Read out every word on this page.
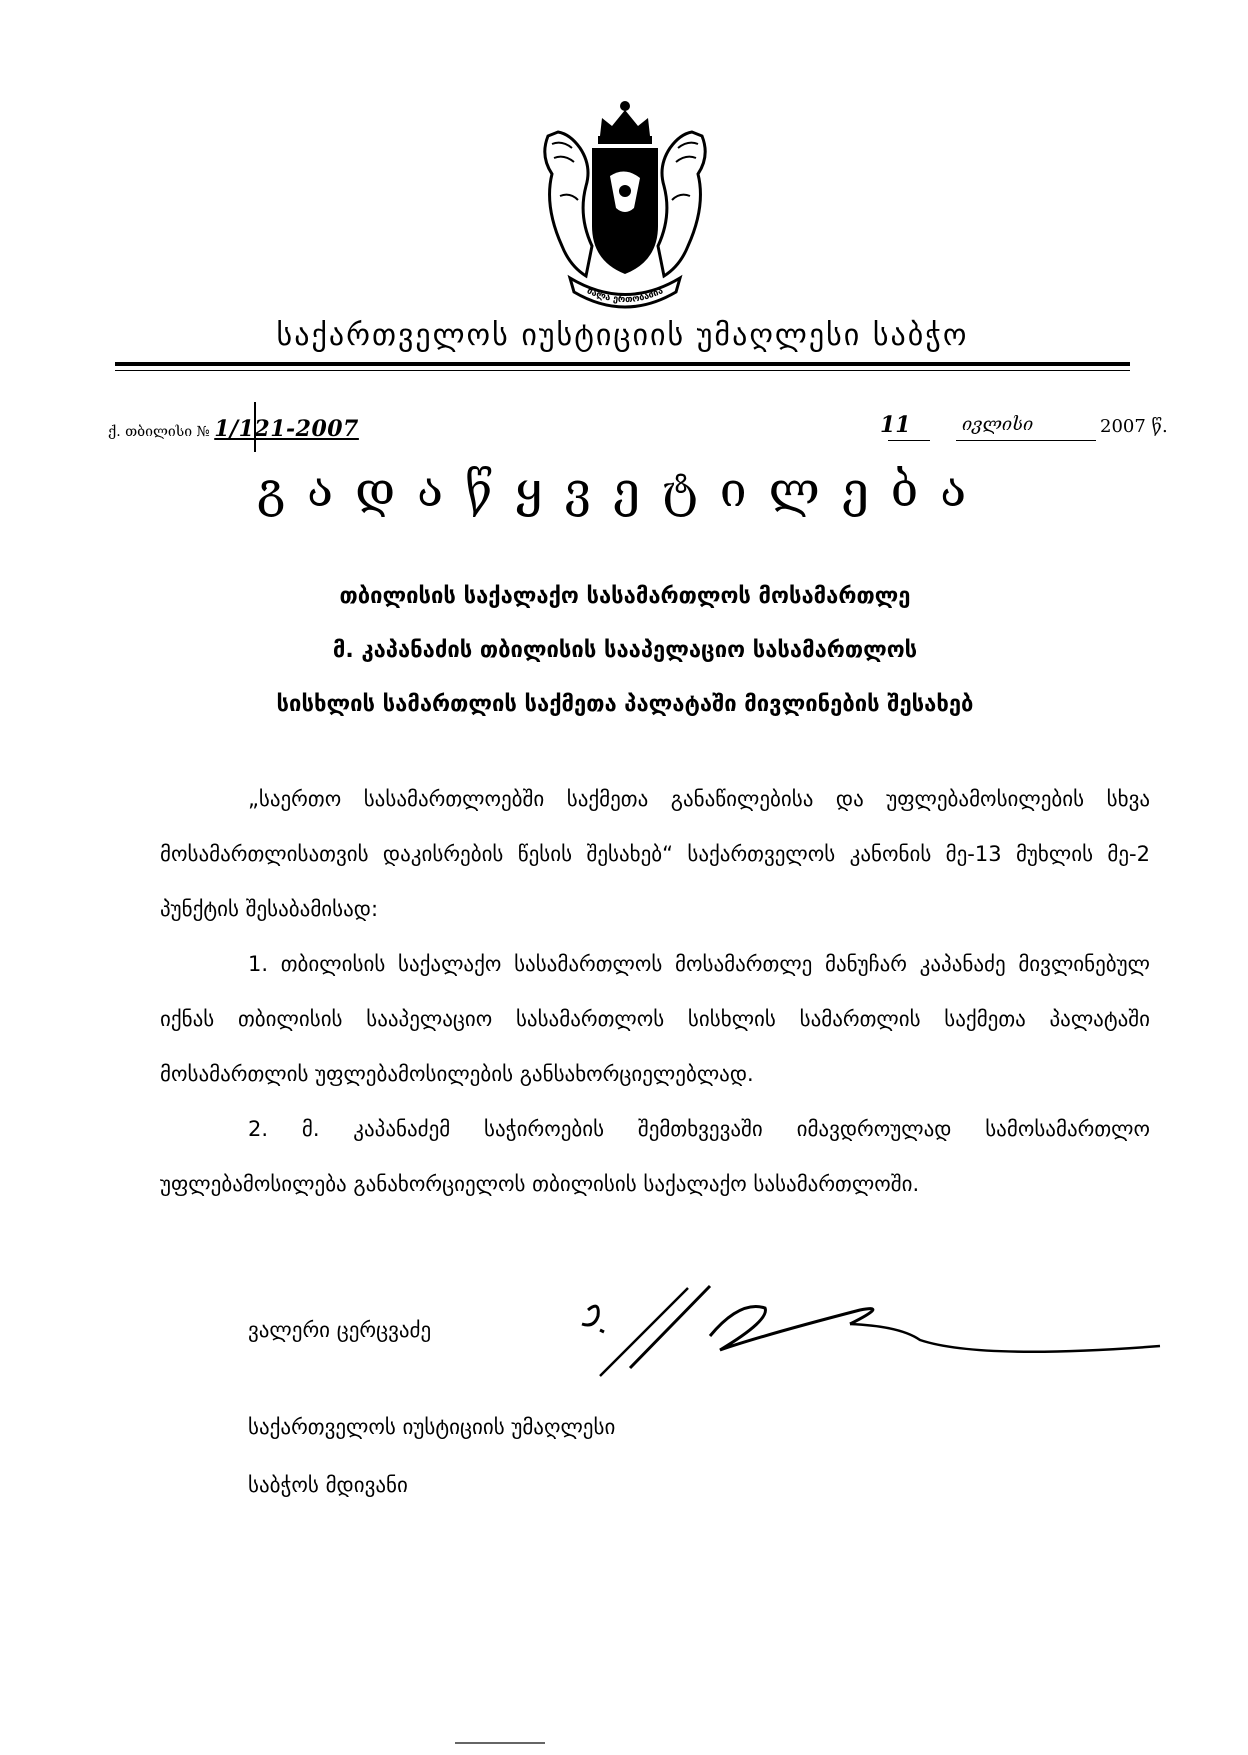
ძალა ერთობაშია
საქართველოს იუსტიციის უმაღლესი საბჭო
ქ. თბილისი № 1/121-2007	11	ივლისი	2007 წ.
გადაწყვეტილება
თბილისის საქალაქო სასამართლოს მოსამართლე
მ. კაპანაძის თბილისის სააპელაციო სასამართლოს
სისხლის სამართლის საქმეთა პალატაში მივლინების შესახებ

„საერთო სასამართლოებში საქმეთა განაწილებისა და უფლებამოსილების სხვა მოსამართლისათვის დაკისრების წესის შესახებ“ საქართველოს კანონის მე-13 მუხლის მე-2 პუნქტის შესაბამისად:

1. თბილისის საქალაქო სასამართლოს მოსამართლე მანუჩარ კაპანაძე მივლინებულ იქნას თბილისის სააპელაციო სასამართლოს სისხლის სამართლის საქმეთა პალატაში მოსამართლის უფლებამოსილების განსახორციელებლად.

2. მ. კაპანაძემ საჭიროების შემთხვევაში იმავდროულად სამოსამართლო უფლებამოსილება განახორციელოს თბილისის საქალაქო სასამართლოში.

ვალერი ცერცვაძე
საქართველოს იუსტიციის უმაღლესი
საბჭოს მდივანი
